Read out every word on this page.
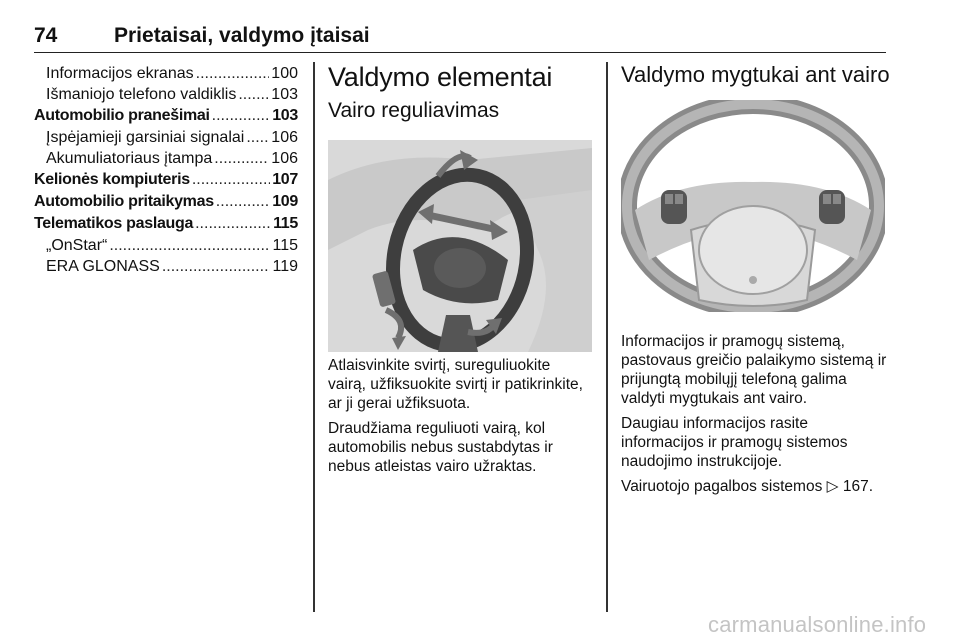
74	Prietaisai, valdymo įtaisai
Informacijos ekranas .....	100
Išmaniojo telefono valdiklis ..... 103
Automobilio pranešimai .....	103
Įspėjamieji garsiniai signalai ..... 106
Akumuliatoriaus įtampa .....	106
Kelionės kompiuteris .....	107
Automobilio pritaikymas .....	109
Telematikos paslauga .....	115
„OnStar“ .....	115
ERA GLONASS .....	119
Valdymo elementai
Vairo reguliavimas

Atlaisvinkite svirtį, sureguliuokite vairą, užfiksuokite svirtį ir patikrinkite, ar ji gerai užfiksuota.

Draudžiama reguliuoti vairą, kol automobilis nebus sustabdytas ir nebus atleistas vairo užraktas.

Valdymo mygtukai ant vairo

Informacijos ir pramogų sistemą, pastovaus greičio palaikymo sistemą ir prijungtą mobilųjį telefoną galima valdyti mygtukais ant vairo.

Daugiau informacijos rasite informacijos ir pramogų sistemos naudojimo instrukcijoje.

Vairuotojo pagalbos sistemos ▷ 167.

carmanualsonline.info
